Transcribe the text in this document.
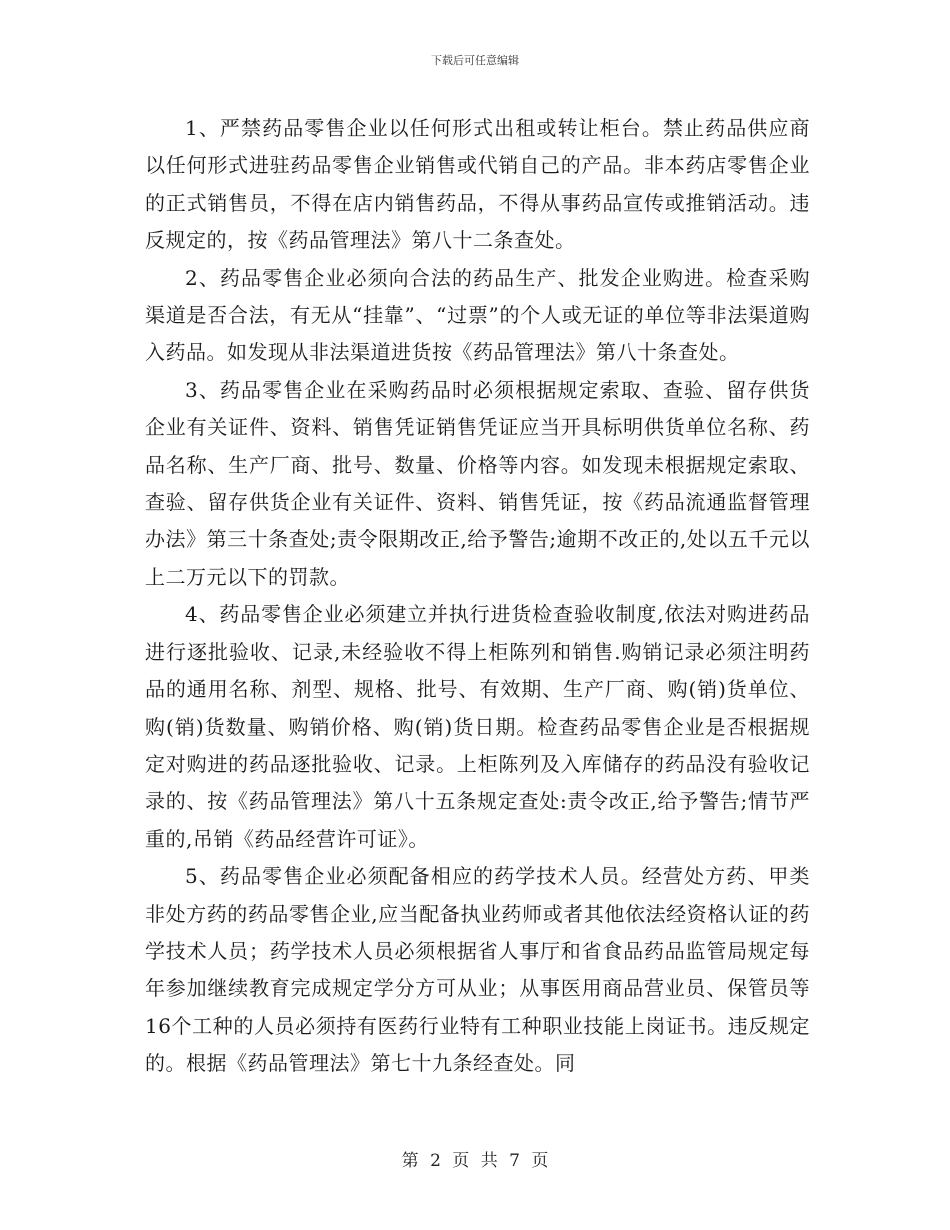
下载后可任意编辑

1、严禁药品零售企业以任何形式出租或转让柜台。禁止药品供应商以任何形式进驻药品零售企业销售或代销自己的产品。非本药店零售企业的正式销售员，不得在店内销售药品，不得从事药品宣传或推销活动。违反规定的，按《药品管理法》第八十二条查处。

2、药品零售企业必须向合法的药品生产、批发企业购进。检查采购渠道是否合法，有无从“挂靠”、“过票”的个人或无证的单位等非法渠道购入药品。如发现从非法渠道进货按《药品管理法》第八十条查处。

3、药品零售企业在采购药品时必须根据规定索取、查验、留存供货企业有关证件、资料、销售凭证销售凭证应当开具标明供货单位名称、药品名称、生产厂商、批号、数量、价格等内容。如发现未根据规定索取、查验、留存供货企业有关证件、资料、销售凭证，按《药品流通监督管理办法》第三十条查处;责令限期改正,给予警告;逾期不改正的,处以五千元以上二万元以下的罚款。

4、药品零售企业必须建立并执行进货检查验收制度,依法对购进药品进行逐批验收、记录,未经验收不得上柜陈列和销售.购销记录必须注明药品的通用名称、剂型、规格、批号、有效期、生产厂商、购(销)货单位、购(销)货数量、购销价格、购(销)货日期。检查药品零售企业是否根据规定对购进的药品逐批验收、记录。上柜陈列及入库储存的药品没有验收记录的、按《药品管理法》第八十五条规定查处:责令改正,给予警告;情节严重的,吊销《药品经营许可证》。

5、药品零售企业必须配备相应的药学技术人员。经营处方药、甲类非处方药的药品零售企业,应当配备执业药师或者其他依法经资格认证的药学技术人员；药学技术人员必须根据省人事厅和省食品药品监管局规定每年参加继续教育完成规定学分方可从业；从事医用商品营业员、保管员等16个工种的人员必须持有医药行业特有工种职业技能上岗证书。违反规定的。根据《药品管理法》第七十九条经查处。同

第 2 页 共 7 页
